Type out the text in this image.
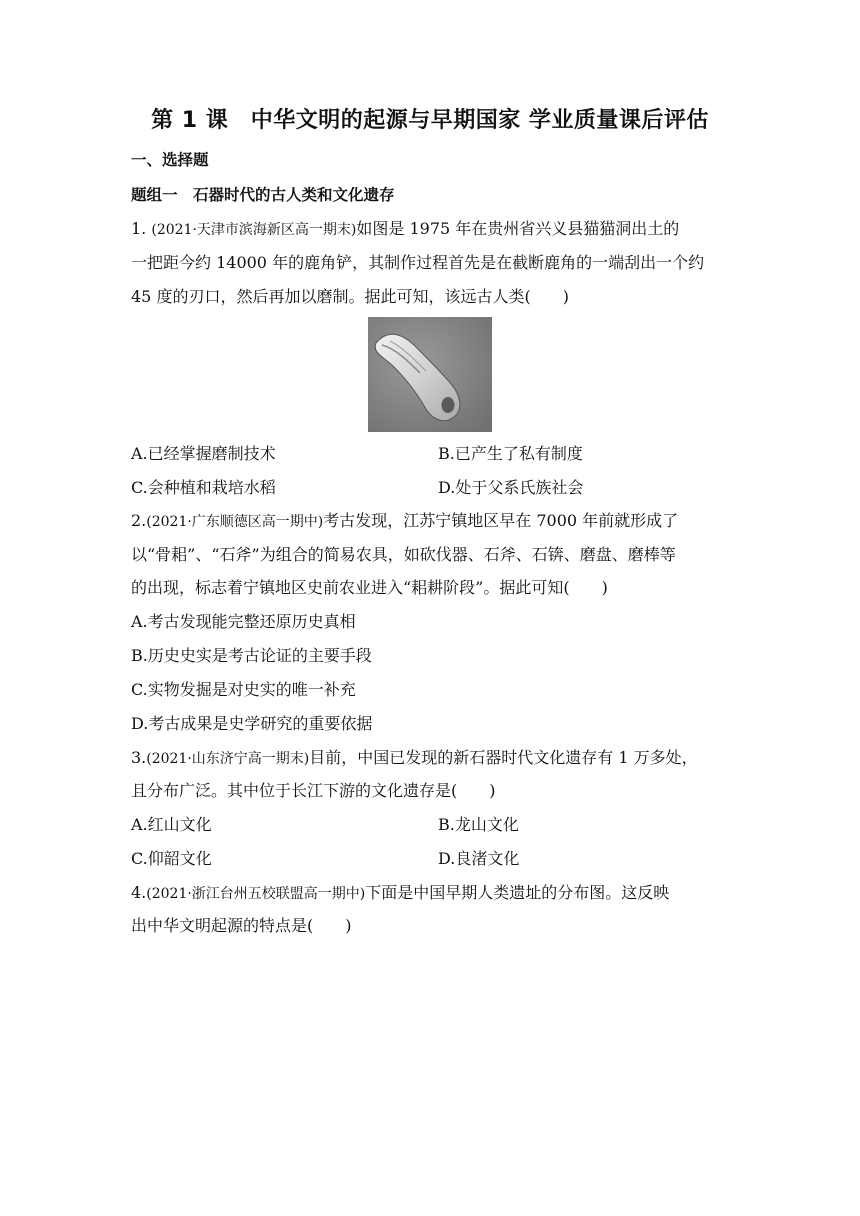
第 1 课　中华文明的起源与早期国家 学业质量课后评估
一、选择题
题组一　石器时代的古人类和文化遗存
1. (2021·天津市滨海新区高一期末)如图是 1975 年在贵州省兴义县猫猫洞出土的
一把距今约 14000 年的鹿角铲，其制作过程首先是在截断鹿角的一端刮出一个约
45 度的刃口，然后再加以磨制。据此可知，该远古人类(　　)
A.已经掌握磨制技术	B.已产生了私有制度
C.会种植和栽培水稻	D.处于父系氏族社会
2.(2021·广东顺德区高一期中)考古发现，江苏宁镇地区早在 7000 年前就形成了
以“骨耜”、“石斧”为组合的简易农具，如砍伐器、石斧、石锛、磨盘、磨棒等
的出现，标志着宁镇地区史前农业进入“耜耕阶段”。据此可知(　　)
A.考古发现能完整还原历史真相
B.历史史实是考古论证的主要手段
C.实物发掘是对史实的唯一补充
D.考古成果是史学研究的重要依据
3.(2021·山东济宁高一期末)目前，中国已发现的新石器时代文化遗存有 1 万多处，
且分布广泛。其中位于长江下游的文化遗存是(　　)
A.红山文化	B.龙山文化
C.仰韶文化	D.良渚文化
4.(2021·浙江台州五校联盟高一期中)下面是中国早期人类遗址的分布图。这反映
出中华文明起源的特点是(　　)
